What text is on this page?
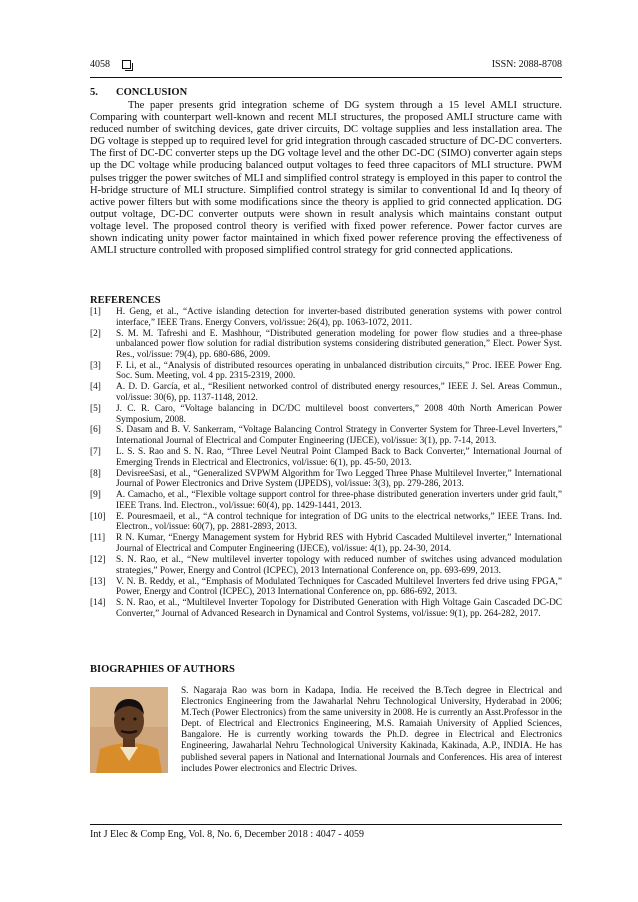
4058	ISSN: 2088-8708
5. CONCLUSION

The paper presents grid integration scheme of DG system through a 15 level AMLI structure. Comparing with counterpart well-known and recent MLI structures, the proposed AMLI structure came with reduced number of switching devices, gate driver circuits, DC voltage supplies and less installation area. The DG voltage is stepped up to required level for grid integration through cascaded structure of DC-DC converters. The first of DC-DC converter steps up the DG voltage level and the other DC-DC (SIMO) converter again steps up the DC voltage while producing balanced output voltages to feed three capacitors of MLI structure. PWM pulses trigger the power switches of MLI and simplified control strategy is employed in this paper to control the H-bridge structure of MLI structure. Simplified control strategy is similar to conventional Id and Iq theory of active power filters but with some modifications since the theory is applied to grid connected application. DG output voltage, DC-DC converter outputs were shown in result analysis which maintains constant output voltage level. The proposed control theory is verified with fixed power reference. Power factor curves are shown indicating unity power factor maintained in which fixed power reference proving the effectiveness of AMLI structure controlled with proposed simplified control strategy for grid connected applications.

REFERENCES
[1]	H. Geng, et al., “Active islanding detection for inverter-based distributed generation systems with power control interface,” IEEE Trans. Energy Convers, vol/issue: 26(4), pp. 1063-1072, 2011.
[2]	S. M. M. Tafreshi and E. Mashhour, “Distributed generation modeling for power flow studies and a three-phase unbalanced power flow solution for radial distribution systems considering distributed generation,” Elect. Power Syst. Res., vol/issue: 79(4), pp. 680-686, 2009.
[3]	F. Li, et al., “Analysis of distributed resources operating in unbalanced distribution circuits,” Proc. IEEE Power Eng. Soc. Sum. Meeting, vol. 4 pp. 2315-2319, 2000.
[4]	A. D. D. García, et al., “Resilient networked control of distributed energy resources,” IEEE J. Sel. Areas Commun., vol/issue: 30(6), pp. 1137-1148, 2012.
[5]	J. C. R. Caro, “Voltage balancing in DC/DC multilevel boost converters,” 2008 40th North American Power Symposium, 2008.
[6]	S. Dasam and B. V. Sankerram, “Voltage Balancing Control Strategy in Converter System for Three-Level Inverters,” International Journal of Electrical and Computer Engineering (IJECE), vol/issue: 3(1), pp. 7-14, 2013.
[7]	L. S. S. Rao and S. N. Rao, “Three Level Neutral Point Clamped Back to Back Converter,” International Journal of Emerging Trends in Electrical and Electronics, vol/issue: 6(1), pp. 45-50, 2013.
[8]	DevisreeSasi, et al., “Generalized SVPWM Algorithm for Two Legged Three Phase Multilevel Inverter,” International Journal of Power Electronics and Drive System (IJPEDS), vol/issue: 3(3), pp. 279-286, 2013.
[9]	A. Camacho, et al., “Flexible voltage support control for three-phase distributed generation inverters under grid fault,” IEEE Trans. Ind. Electron., vol/issue: 60(4), pp. 1429-1441, 2013.
[10]	E. Pouresmaeil, et al., “A control technique for integration of DG units to the electrical networks,” IEEE Trans. Ind. Electron., vol/issue: 60(7), pp. 2881-2893, 2013.
[11]	R N. Kumar, “Energy Management system for Hybrid RES with Hybrid Cascaded Multilevel inverter,” International Journal of Electrical and Computer Engineering (IJECE), vol/issue: 4(1), pp. 24-30, 2014.
[12]	S. N. Rao, et al., “New multilevel inverter topology with reduced number of switches using advanced modulation strategies,” Power, Energy and Control (ICPEC), 2013 International Conference on, pp. 693-699, 2013.
[13]	V. N. B. Reddy, et al., “Emphasis of Modulated Techniques for Cascaded Multilevel Inverters fed drive using FPGA,” Power, Energy and Control (ICPEC), 2013 International Conference on, pp. 686-692, 2013.
[14]	S. N. Rao, et al., “Multilevel Inverter Topology for Distributed Generation with High Voltage Gain Cascaded DC-DC Converter,” Journal of Advanced Research in Dynamical and Control Systems, vol/issue: 9(1), pp. 264-282, 2017.
BIOGRAPHIES OF AUTHORS
S. Nagaraja Rao was born in Kadapa, India. He received the B.Tech degree in Electrical and Electronics Engineering from the Jawaharlal Nehru Technological University, Hyderabad in 2006; M.Tech (Power Electronics) from the same university in 2008. He is currently an Asst.Professor in the Dept. of Electrical and Electronics Engineering, M.S. Ramaiah University of Applied Sciences, Bangalore. He is currently working towards the Ph.D. degree in Electrical and Electronics Engineering, Jawaharlal Nehru Technological University Kakinada, Kakinada, A.P., INDIA. He has published several papers in National and International Journals and Conferences. His area of interest includes Power electronics and Electric Drives.
Int J Elec & Comp Eng, Vol. 8, No. 6, December 2018 : 4047 - 4059
